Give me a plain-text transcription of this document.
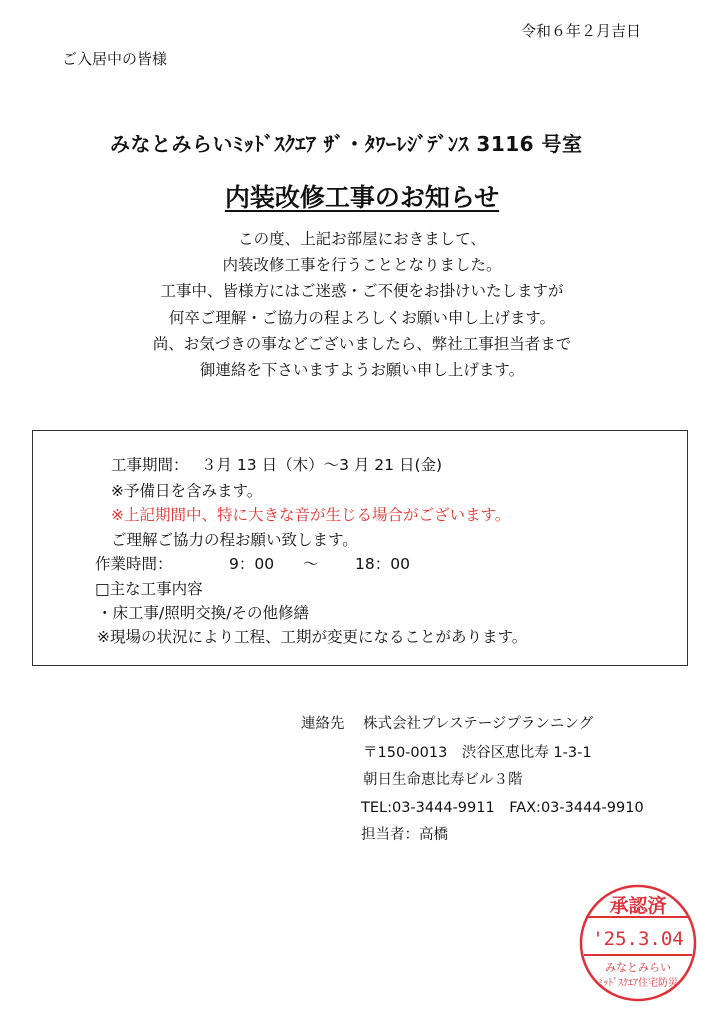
令和６年２月吉日
ご入居中の皆様
みなとみらいﾐｯﾄﾞｽｸｴｱ ｻﾞ・ﾀﾜｰﾚｼﾞﾃﾞﾝｽ 3116 号室
内装改修工事のお知らせ
この度、上記お部屋におきまして、
内装改修工事を行うこととなりました。
工事中、皆様方にはご迷惑・ご不便をお掛けいたしますが
何卒ご理解・ご協力の程よろしくお願い申し上げます。
尚、お気づきの事などございましたら、弊社工事担当者まで
御連絡を下さいますようお願い申し上げます。
工事期間： ３月 13 日（木）～3 月 21 日(金)
※予備日を含みます。
※上記期間中、特に大きな音が生じる場合がございます。
ご理解ご協力の程お願い致します。
作業時間：	9：00 ～ 18：00
□主な工事内容
・床工事/照明交換/その他修繕
※現場の状況により工程、工期が変更になることがあります。
連絡先 株式会社プレステージプランニング
〒150-0013　渋谷区恵比寿 1-3-1
朝日生命恵比寿ビル３階
TEL:03-3444-9911　FAX:03-3444-9910
担当者：高橋
承認済
'25.3.04
みなとみらい
ﾐｯﾄﾞｽｸｴｱ住宅防災
